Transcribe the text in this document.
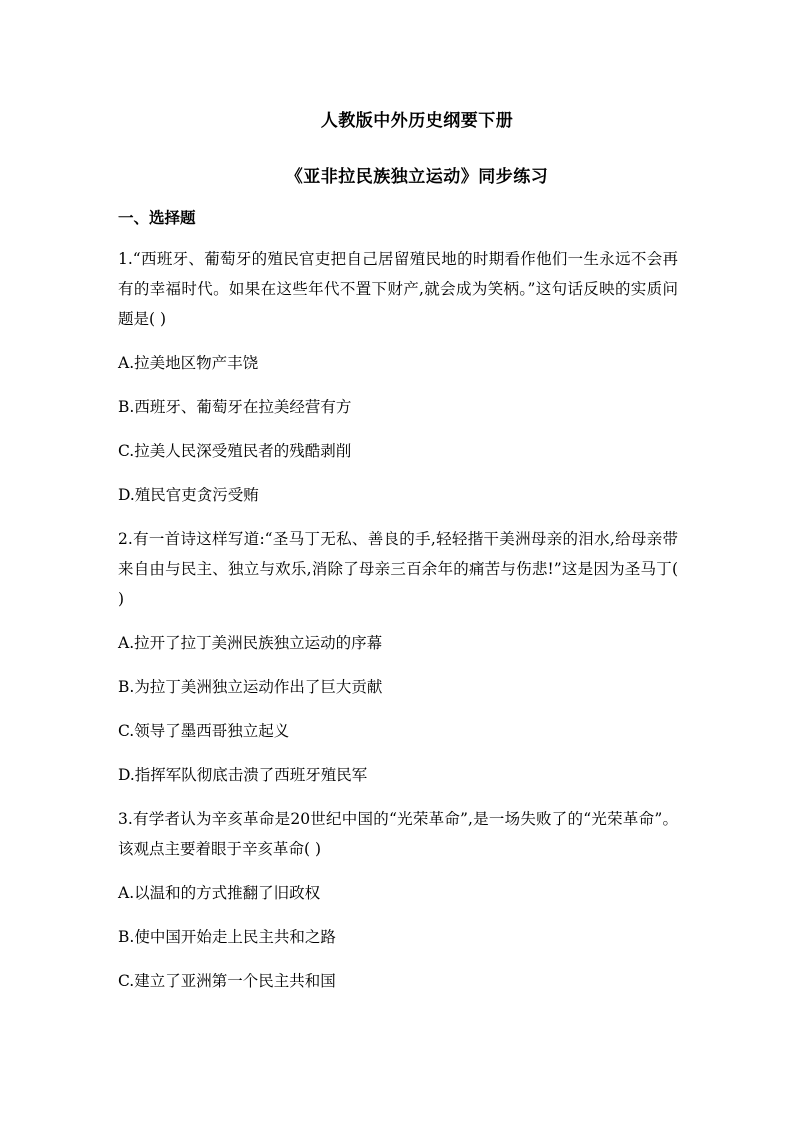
人教版中外历史纲要下册
《亚非拉民族独立运动》同步练习
一、选择题

1.“西班牙、葡萄牙的殖民官吏把自己居留殖民地的时期看作他们一生永远不会再有的幸福时代。如果在这些年代不置下财产,就会成为笑柄。”这句话反映的实质问题是( )

A.拉美地区物产丰饶

B.西班牙、葡萄牙在拉美经营有方

C.拉美人民深受殖民者的残酷剥削

D.殖民官吏贪污受贿

2.有一首诗这样写道:“圣马丁无私、善良的手,轻轻揩干美洲母亲的泪水,给母亲带来自由与民主、独立与欢乐,消除了母亲三百余年的痛苦与伤悲!”这是因为圣马丁( )

A.拉开了拉丁美洲民族独立运动的序幕

B.为拉丁美洲独立运动作出了巨大贡献

C.领导了墨西哥独立起义

D.指挥军队彻底击溃了西班牙殖民军

3.有学者认为辛亥革命是20世纪中国的“光荣革命”,是一场失败了的“光荣革命”。该观点主要着眼于辛亥革命( )

A.以温和的方式推翻了旧政权

B.使中国开始走上民主共和之路

C.建立了亚洲第一个民主共和国
